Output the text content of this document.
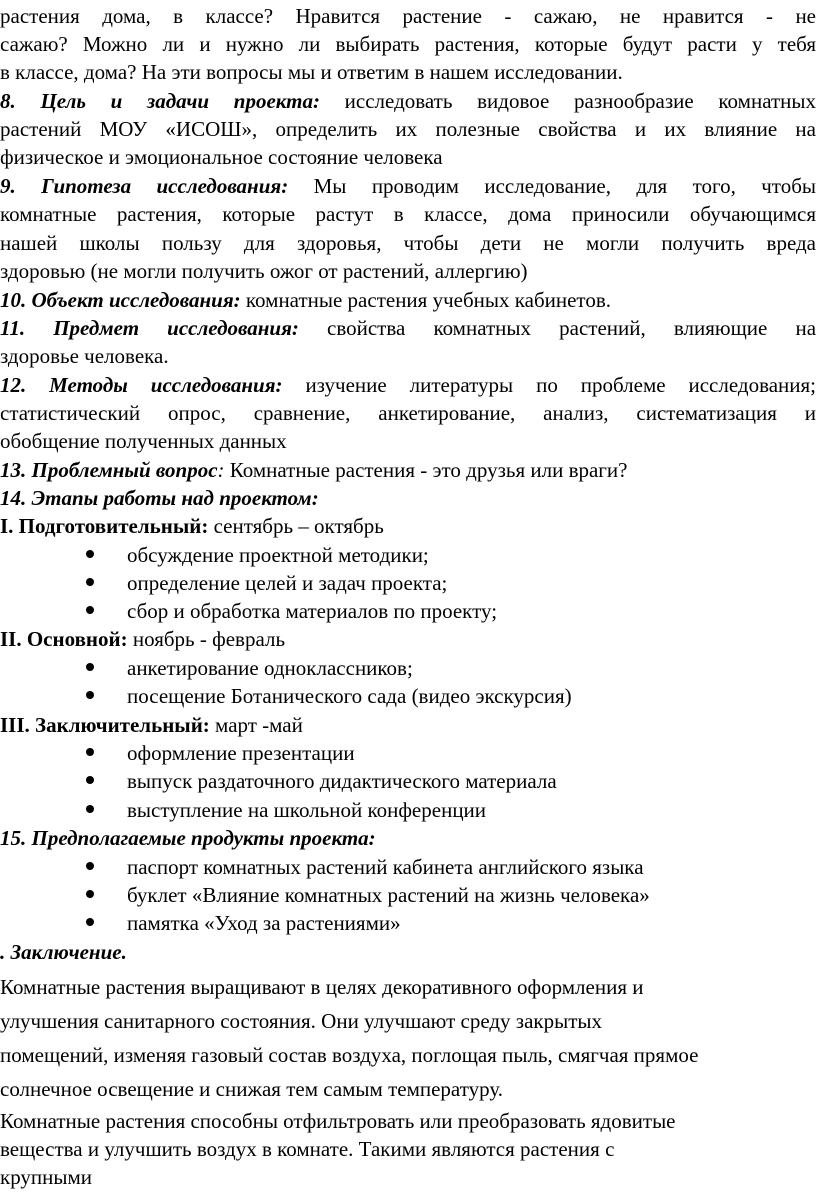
растения дома, в классе? Нравится растение - сажаю, не нравится - не
сажаю? Можно ли и нужно ли выбирать растения, которые будут расти у тебя
в классе, дома? На эти вопросы мы и ответим в нашем исследовании.
8. Цель и задачи проекта: исследовать видовое разнообразие комнатных
растений МОУ «ИСОШ», определить их полезные свойства и их влияние на
физическое и эмоциональное состояние человека
9. Гипотеза исследования: Мы проводим исследование, для того, чтобы
комнатные растения, которые растут в классе, дома приносили обучающимся
нашей школы пользу для здоровья, чтобы дети не могли получить вреда
здоровью (не могли получить ожог от растений, аллергию)
10. Объект исследования: комнатные растения учебных кабинетов.
11. Предмет исследования: свойства комнатных растений, влияющие на
здоровье человека.
12. Методы исследования: изучение литературы по проблеме исследования;
статистический опрос, сравнение, анкетирование, анализ, систематизация и
обобщение полученных данных
13. Проблемный вопрос: Комнатные растения - это друзья или враги?
14. Этапы работы над проектом:
I. Подготовительный: сентябрь – октябрь
обсуждение проектной методики;
определение целей и задач проекта;
сбор и обработка материалов по проекту;
II. Основной: ноябрь - февраль
анкетирование одноклассников;
посещение Ботанического сада (видео экскурсия)
III. Заключительный: март -май
оформление презентации
выпуск раздаточного дидактического материала
выступление на школьной конференции
15. Предполагаемые продукты проекта:
паспорт комнатных растений кабинета английского языка
буклет «Влияние комнатных растений на жизнь человека»
памятка «Уход за растениями»
. Заключение.
Комнатные растения выращивают в целях декоративного оформления и
улучшения санитарного состояния. Они улучшают среду закрытых
помещений, изменяя газовый состав воздуха, поглощая пыль, смягчая прямое
солнечное освещение и снижая тем самым температуру.
Комнатные растения способны отфильтровать или преобразовать ядовитые
вещества и улучшить воздух в комнате. Такими являются растения с
крупными
